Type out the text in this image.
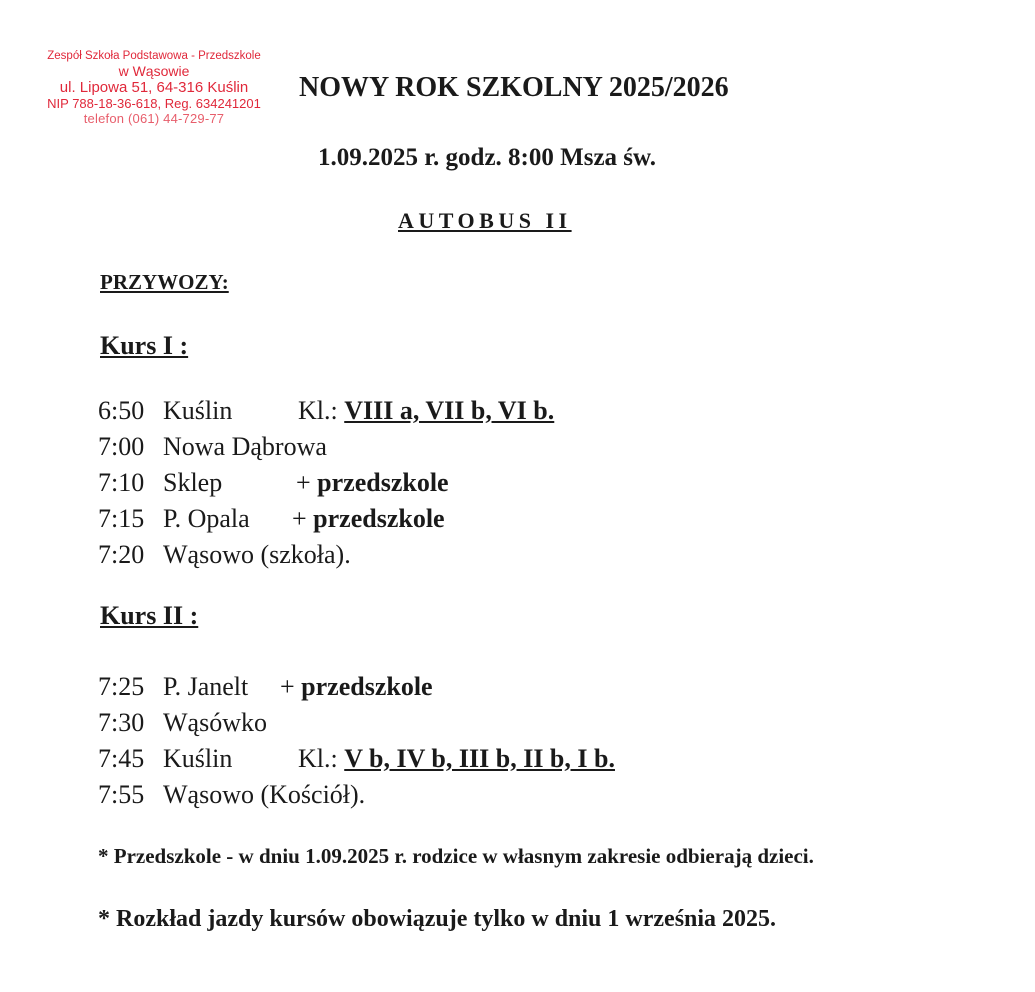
Zespół Szkoła Podstawowa - Przedszkole
w Wąsowie
ul. Lipowa 51, 64-316 Kuślin
NIP 788-18-36-618, Reg. 634241201
telefon (061) 44-729-77
NOWY ROK SZKOLNY 2025/2026
1.09.2025 r. godz. 8:00 Msza św.
AUTOBUS II
PRZYWOZY:
Kurs I :
6:50 Kuślin	Kl.: VIII a, VII b, VI b.
7:00 Nowa Dąbrowa
7:10 Sklep	+ przedszkole
7:15 P. Opala + przedszkole
7:20 Wąsowo (szkoła).
Kurs II :
7:25 P. Janelt + przedszkole
7:30 Wąsówko
7:45 Kuślin	Kl.: V b, IV b, III b, II b, I b.
7:55 Wąsowo (Kościół).
* Przedszkole - w dniu 1.09.2025 r. rodzice w własnym zakresie odbierają dzieci.
* Rozkład jazdy kursów obowiązuje tylko w dniu 1 września 2025.
